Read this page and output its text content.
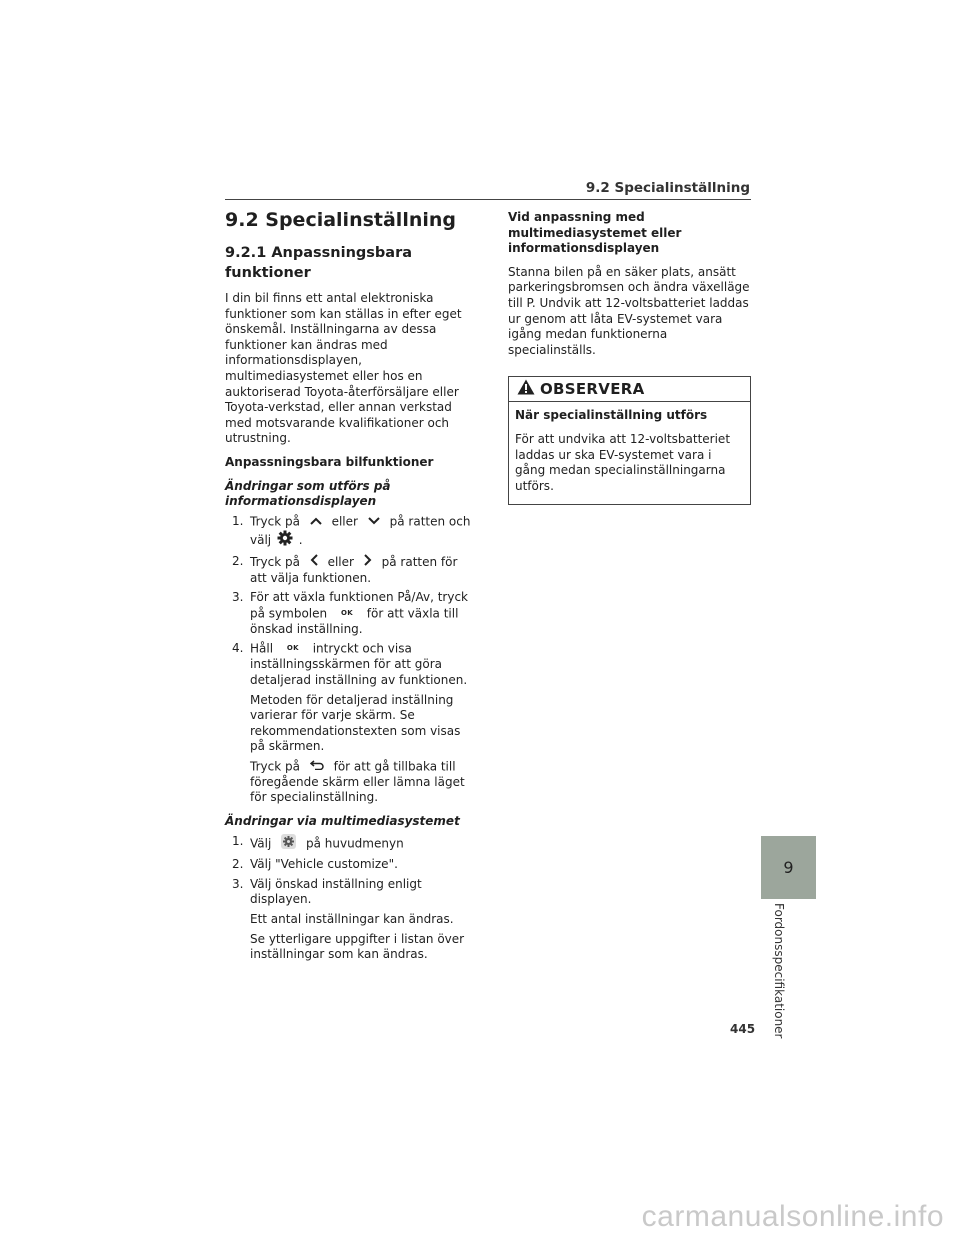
9.2 Specialinställning
9.2 Specialinställning
9.2.1 Anpassningsbara funktioner

I din bil finns ett antal elektroniska funktioner som kan ställas in efter eget önskemål. Inställningarna av dessa funktioner kan ändras med informationsdisplayen, multimediasystemet eller hos en auktoriserad Toyota-återförsäljare eller Toyota-verkstad, eller annan verkstad med motsvarande kvalifikationer och utrustning.

Anpassningsbara bilfunktioner

Ändringar som utförs på informationsdisplayen

1. Tryck på	eller	på ratten och välj .
2. Tryck på eller på ratten för att välja funktionen.
3. För att växla funktionen På/Av, tryck på symbolen OK för att växla till önskad inställning.
4. Håll OK intryckt och visa inställningsskärmen för att göra detaljerad inställning av funktionen.

Metoden för detaljerad inställning varierar för varje skärm. Se rekommendationstexten som visas på skärmen.

Tryck på	för att gå tillbaka till föregående skärm eller lämna läget för specialinställning.

Ändringar via multimediasystemet

1. Välj	på huvudmenyn
2. Välj "Vehicle customize".
3. Välj önskad inställning enligt displayen.

Ett antal inställningar kan ändras.

Se ytterligare uppgifter i listan över inställningar som kan ändras.

Vid anpassning med multimediasystemet eller informationsdisplayen

Stanna bilen på en säker plats, ansätt parkeringsbromsen och ändra växelläge till P. Undvik att 12-voltsbatteriet laddas ur genom att låta EV-systemet vara igång medan funktionerna specialinställs.

OBSERVERA

När specialinställning utförs

För att undvika att 12-voltsbatteriet laddas ur ska EV-systemet vara i gång medan specialinställningarna utförs.

9
Fordonsspecifikationer
445
carmanualsonline.info
